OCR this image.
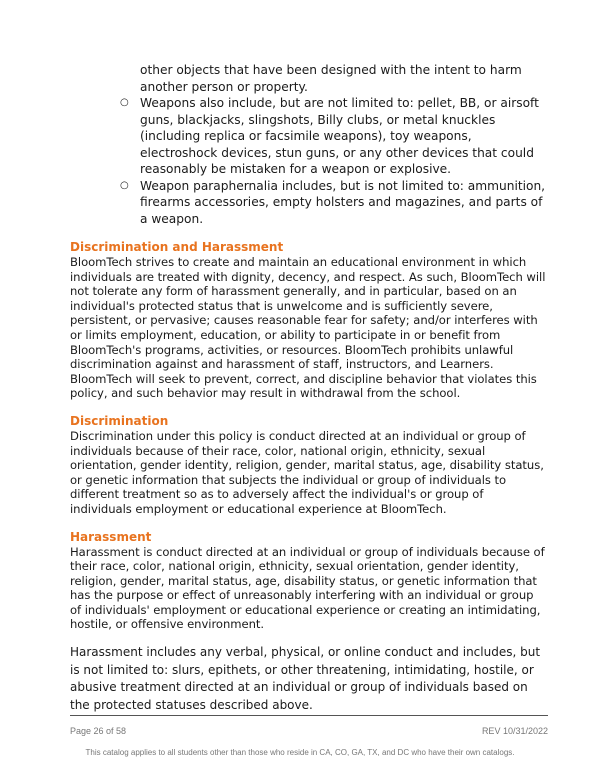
other objects that have been designed with the intent to harm another person or property.

○ Weapons also include, but are not limited to: pellet, BB, or airsoft guns, blackjacks, slingshots, Billy clubs, or metal knuckles (including replica or facsimile weapons), toy weapons, electroshock devices, stun guns, or any other devices that could reasonably be mistaken for a weapon or explosive.
○ Weapon paraphernalia includes, but is not limited to: ammunition, firearms accessories, empty holsters and magazines, and parts of a weapon.

Discrimination and Harassment

BloomTech strives to create and maintain an educational environment in which individuals are treated with dignity, decency, and respect. As such, BloomTech will not tolerate any form of harassment generally, and in particular, based on an individual's protected status that is unwelcome and is sufficiently severe, persistent, or pervasive; causes reasonable fear for safety; and/or interferes with or limits employment, education, or ability to participate in or benefit from BloomTech's programs, activities, or resources. BloomTech prohibits unlawful discrimination against and harassment of staff, instructors, and Learners. BloomTech will seek to prevent, correct, and discipline behavior that violates this policy, and such behavior may result in withdrawal from the school.

Discrimination

Discrimination under this policy is conduct directed at an individual or group of individuals because of their race, color, national origin, ethnicity, sexual orientation, gender identity, religion, gender, marital status, age, disability status, or genetic information that subjects the individual or group of individuals to different treatment so as to adversely affect the individual's or group of individuals employment or educational experience at BloomTech.

Harassment

Harassment is conduct directed at an individual or group of individuals because of their race, color, national origin, ethnicity, sexual orientation, gender identity, religion, gender, marital status, age, disability status, or genetic information that has the purpose or effect of unreasonably interfering with an individual or group of individuals' employment or educational experience or creating an intimidating, hostile, or offensive environment.

Harassment includes any verbal, physical, or online conduct and includes, but is not limited to: slurs, epithets, or other threatening, intimidating, hostile, or abusive treatment directed at an individual or group of individuals based on the protected statuses described above.

Page 26 of 58	REV 10/31/2022
This catalog applies to all students other than those who reside in CA, CO, GA, TX, and DC who have their own catalogs.
